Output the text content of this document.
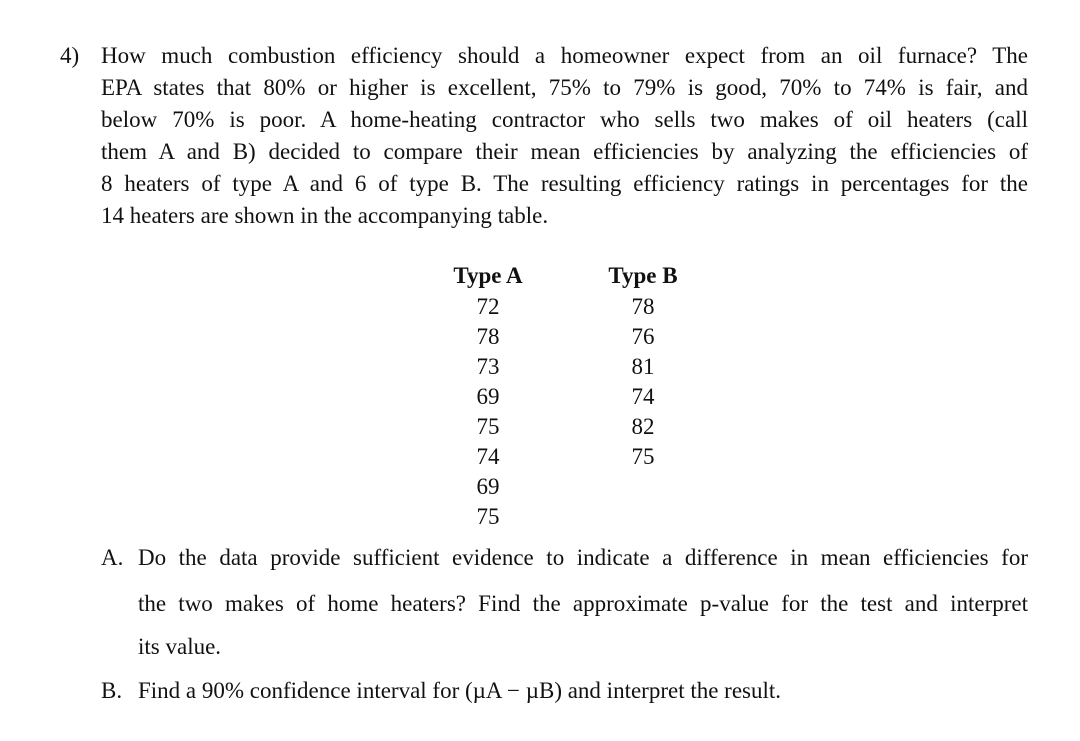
4) How much combustion efficiency should a homeowner expect from an oil furnace? The
EPA states that 80% or higher is excellent, 75% to 79% is good, 70% to 74% is fair, and
below 70% is poor. A home-heating contractor who sells two makes of oil heaters (call
them A and B) decided to compare their mean efficiencies by analyzing the efficiencies of
8 heaters of type A and 6 of type B. The resulting efficiency ratings in percentages for the
14 heaters are shown in the accompanying table.
Type A
72
78
73
69
75
74
69
75
Type B
78
76
81
74
82
75
A. Do the data provide sufficient evidence to indicate a difference in mean efficiencies for
the two makes of home heaters? Find the approximate p-value for the test and interpret
its value.
B. Find a 90% confidence interval for (µA − µB) and interpret the result.
